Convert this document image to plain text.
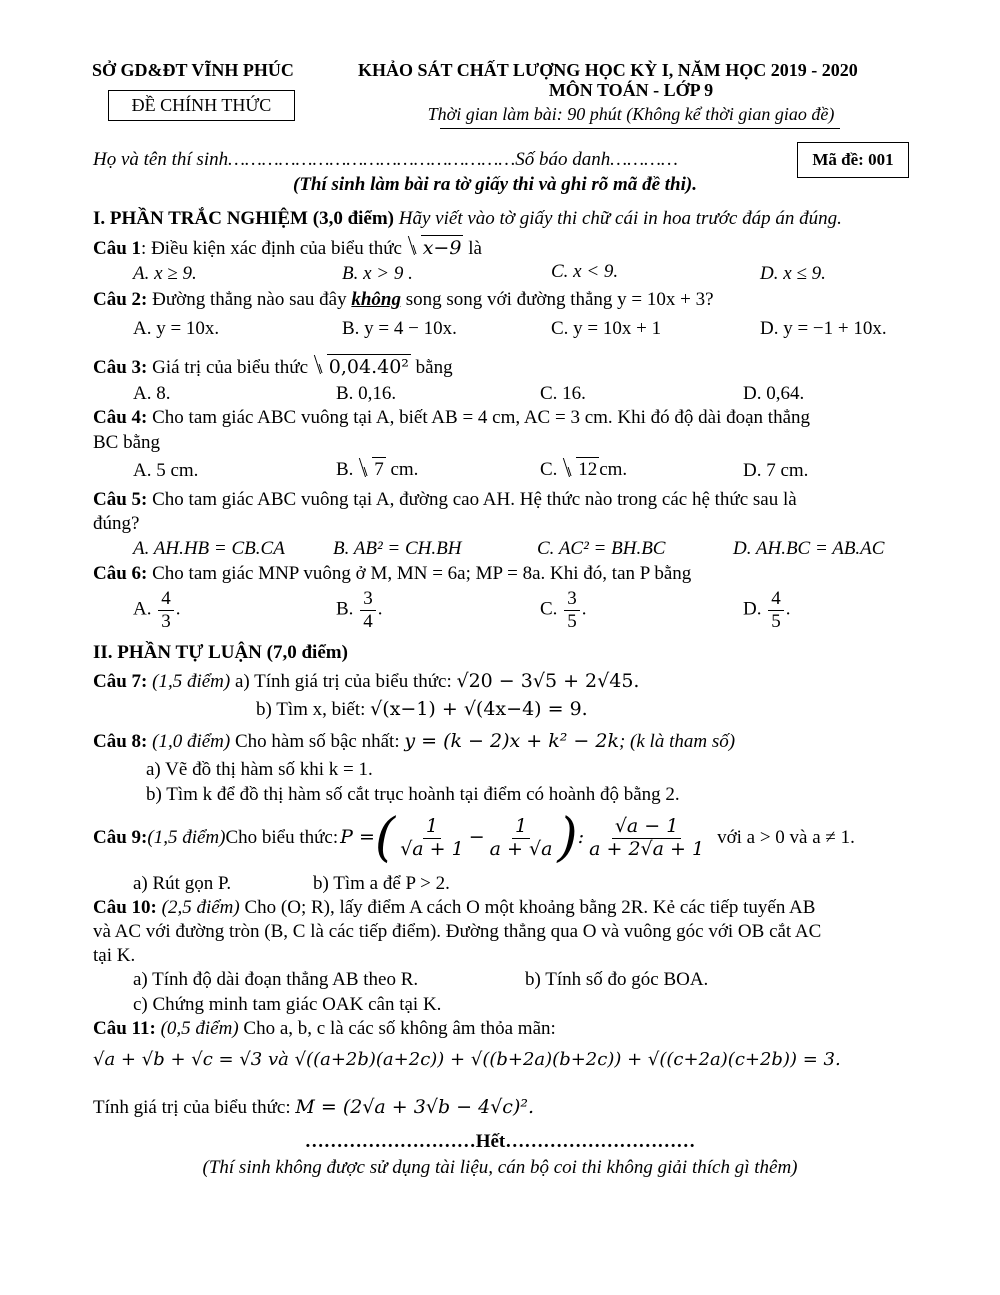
SỞ GD&ĐT VĨNH PHÚC
ĐỀ CHÍNH THỨC
KHẢO SÁT CHẤT LƯỢNG HỌC KỲ I, NĂM HỌC 2019 - 2020
MÔN TOÁN - LỚP 9
Thời gian làm bài: 90 phút (Không kể thời gian giao đề)
Họ và tên thí sinh……………………………………………Số báo danh…………	Mã đề: 001
(Thí sinh làm bài ra tờ giấy thi và ghi rõ mã đề thi).
I. PHẦN TRẮC NGHIỆM (3,0 điểm) Hãy viết vào tờ giấy thi chữ cái in hoa trước đáp án đúng.
Câu 1: Điều kiện xác định của biểu thức x−9 là
A. x ≥ 9.	B. x > 9 .	C. x < 9.	D. x ≤ 9.
Câu 2: Đường thẳng nào sau đây không song song với đường thẳng y = 10x + 3?
A. y = 10x.	B. y = 4 − 10x.	C. y = 10x + 1	D. y = −1 + 10x.
Câu 3: Giá trị của biểu thức 0,04.40² bằng
A. 8.	B. 0,16.	C. 16.	D. 0,64.
Câu 4: Cho tam giác ABC vuông tại A, biết AB = 4 cm, AC = 3 cm. Khi đó độ dài đoạn thẳng
BC bằng
A. 5 cm.	B. 7 cm.	C. 12 cm.	D. 7 cm.
Câu 5: Cho tam giác ABC vuông tại A, đường cao AH. Hệ thức nào trong các hệ thức sau là
đúng?
A. AH.HB = CB.CA	B. AB² = CH.BH	C. AC² = BH.BC	D. AH.BC = AB.AC
Câu 6: Cho tam giác MNP vuông ở M, MN = 6a; MP = 8a. Khi đó, tan P bằng
A. $\frac{4}{3}$ .	B. $\frac{3}{4}$ .	C. $\frac{3}{5}$ .	D. $\frac{4}{5}$ .
II. PHẦN TỰ LUẬN (7,0 điểm)
Câu 7: (1,5 điểm) a) Tính giá trị của biểu thức: √20 − 3√5 + 2√45.
b) Tìm x, biết: √(x−1) + √(4x−4) = 9.
Câu 8: (1,0 điểm) Cho hàm số bậc nhất: y = (k − 2)x + k² − 2k; (k là tham số)
a) Vẽ đồ thị hàm số khi k = 1.
b) Tìm k để đồ thị hàm số cắt trục hoành tại điểm có hoành độ bằng 2.
Câu 9: (1,5 điểm) Cho biểu thức: P =( $\frac{1}{√a + 1} - \frac{1}{a + √a}$ ): $\frac{√a - 1}{a + 2√a + 1}$ với a > 0 và a ≠ 1.
a) Rút gọn P.	b) Tìm a để P > 2.
Câu 10: (2,5 điểm) Cho (O; R), lấy điểm A cách O một khoảng bằng 2R. Kẻ các tiếp tuyến AB
và AC với đường tròn (B, C là các tiếp điểm). Đường thẳng qua O và vuông góc với OB cắt AC
tại K.
a) Tính độ dài đoạn thẳng AB theo R.	b) Tính số đo góc BOA.
c) Chứng minh tam giác OAK cân tại K.
Câu 11: (0,5 điểm) Cho a, b, c là các số không âm thỏa mãn:
√a + √b + √c = √3 và √((a+2b)(a+2c)) + √((b+2a)(b+2c)) + √((c+2a)(c+2b)) = 3.
Tính giá trị của biểu thức: M = (2√a + 3√b − 4√c)².
………………………Hết…………………………
(Thí sinh không được sử dụng tài liệu, cán bộ coi thi không giải thích gì thêm)
